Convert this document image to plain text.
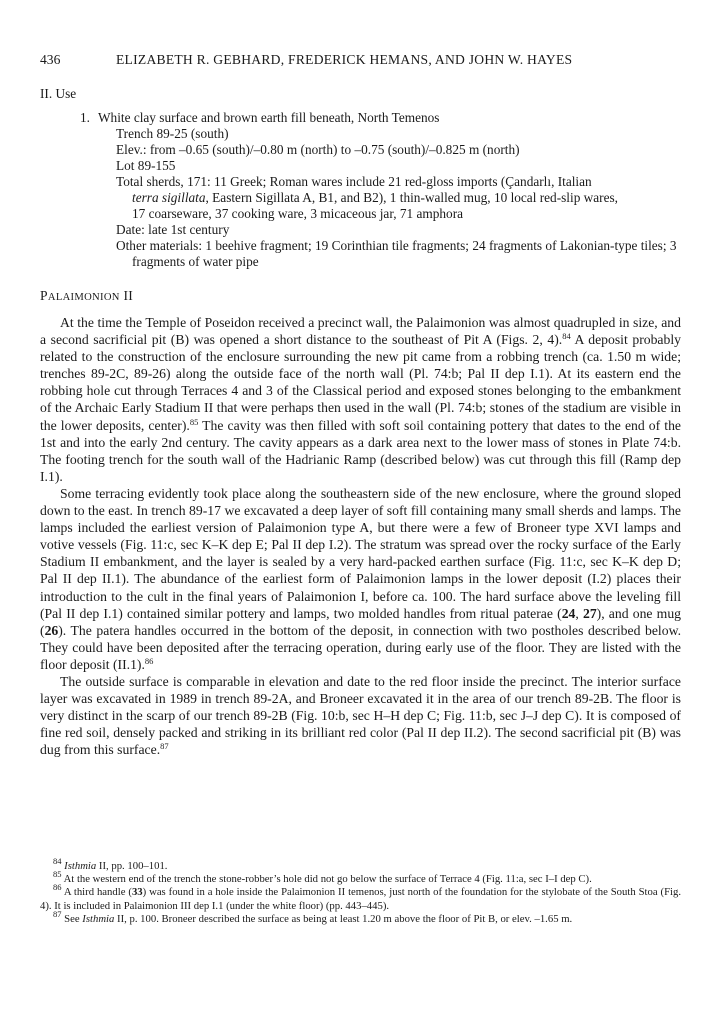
436	ELIZABETH R. GEBHARD, FREDERICK HEMANS, AND JOHN W. HAYES
II. Use
1. White clay surface and brown earth fill beneath, North Temenos
Trench 89-25 (south)
Elev.: from –0.65 (south)/–0.80 m (north) to –0.75 (south)/–0.825 m (north)
Lot 89-155
Total sherds, 171: 11 Greek; Roman wares include 21 red-gloss imports (Çandarlı, Italian
terra sigillata, Eastern Sigillata A, B1, and B2), 1 thin-walled mug, 10 local red-slip wares,
17 coarseware, 37 cooking ware, 3 micaceous jar, 71 amphora
Date: late 1st century
Other materials: 1 beehive fragment; 19 Corinthian tile fragments; 24 fragments of Lakonian-type tiles; 3 fragments of water pipe
PALAIMONION II

At the time the Temple of Poseidon received a precinct wall, the Palaimonion was almost quadrupled in size, and a second sacrificial pit (B) was opened a short distance to the southeast of Pit A (Figs. 2, 4).$^{84}$ A deposit probably related to the construction of the enclosure surrounding the new pit came from a robbing trench (ca. 1.50 m wide; trenches 89-2C, 89-26) along the outside face of the north wall (Pl. 74:b; Pal II dep I.1). At its eastern end the robbing hole cut through Terraces 4 and 3 of the Classical period and exposed stones belonging to the embankment of the Archaic Early Stadium II that were perhaps then used in the wall (Pl. 74:b; stones of the stadium are visible in the lower deposits, center).$^{85}$ The cavity was then filled with soft soil containing pottery that dates to the end of the 1st and into the early 2nd century. The cavity appears as a dark area next to the lower mass of stones in Plate 74:b. The footing trench for the south wall of the Hadrianic Ramp (described below) was cut through this fill (Ramp dep I.1).

Some terracing evidently took place along the southeastern side of the new enclosure, where the ground sloped down to the east. In trench 89-17 we excavated a deep layer of soft fill containing many small sherds and lamps. The lamps included the earliest version of Palaimonion type A, but there were a few of Broneer type XVI lamps and votive vessels (Fig. 11:c, sec K–K dep E; Pal II dep I.2). The stratum was spread over the rocky surface of the Early Stadium II embankment, and the layer is sealed by a very hard-packed earthen surface (Fig. 11:c, sec K–K dep D; Pal II dep II.1). The abundance of the earliest form of Palaimonion lamps in the lower deposit (I.2) places their introduction to the cult in the final years of Palaimonion I, before ca. 100. The hard surface above the leveling fill (Pal II dep I.1) contained similar pottery and lamps, two molded handles from ritual paterae (24, 27), and one mug (26). The patera handles occurred in the bottom of the deposit, in connection with two postholes described below. They could have been deposited after the terracing operation, during early use of the floor. They are listed with the floor deposit (II.1).$^{86}$

The outside surface is comparable in elevation and date to the red floor inside the precinct. The interior surface layer was excavated in 1989 in trench 89-2A, and Broneer excavated it in the area of our trench 89-2B. The floor is very distinct in the scarp of our trench 89-2B (Fig. 10:b, sec H–H dep C; Fig. 11:b, sec J–J dep C). It is composed of fine red soil, densely packed and striking in its brilliant red color (Pal II dep II.2). The second sacrificial pit (B) was dug from this surface.$^{87}$

$^{84}$ Isthmia II, pp. 100–101.

$^{85}$ At the western end of the trench the stone-robber’s hole did not go below the surface of Terrace 4 (Fig. 11:a, sec I–I dep C).

$^{86}$ A third handle (33) was found in a hole inside the Palaimonion II temenos, just north of the foundation for the stylobate of the South Stoa (Fig. 4). It is included in Palaimonion III dep I.1 (under the white floor) (pp. 443–445).

$^{87}$ See Isthmia II, p. 100. Broneer described the surface as being at least 1.20 m above the floor of Pit B, or elev. –1.65 m.
